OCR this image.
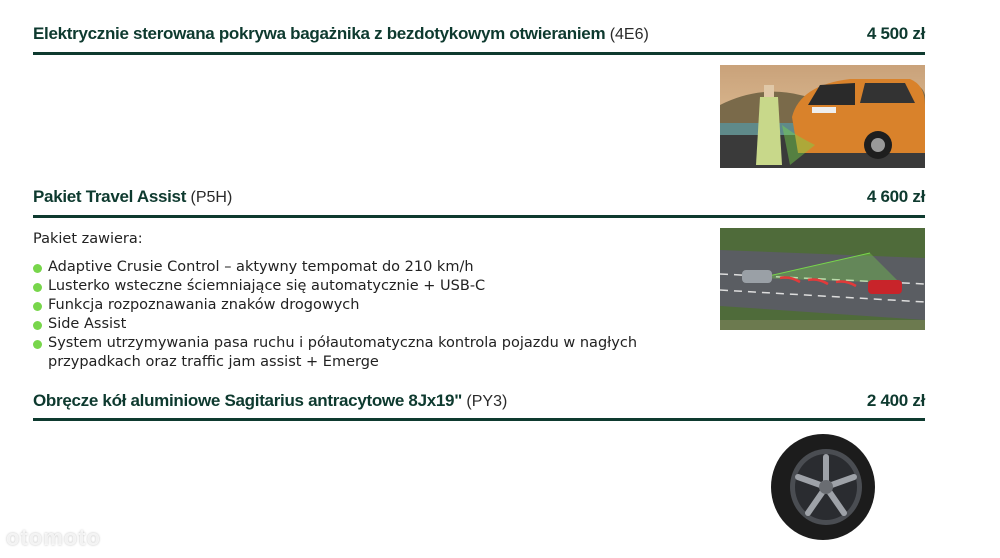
Elektrycznie sterowana pokrywa bagażnika z bezdotykowym otwieraniem (4E6)	4 500 zł
Pakiet Travel Assist (P5H)	4 600 zł
Pakiet zawiera:
Adaptive Crusie Control – aktywny tempomat do 210 km/h
Lusterko wsteczne ściemniające się automatycznie + USB-C
Funkcja rozpoznawania znaków drogowych
Side Assist
System utrzymywania pasa ruchu i półautomatyczna kontrola pojazdu w nagłych przypadkach oraz traffic jam assist + Emerge
Obręcze kół aluminiowe Sagitarius antracytowe 8Jx19" (PY3)	2 400 zł
otomoto
